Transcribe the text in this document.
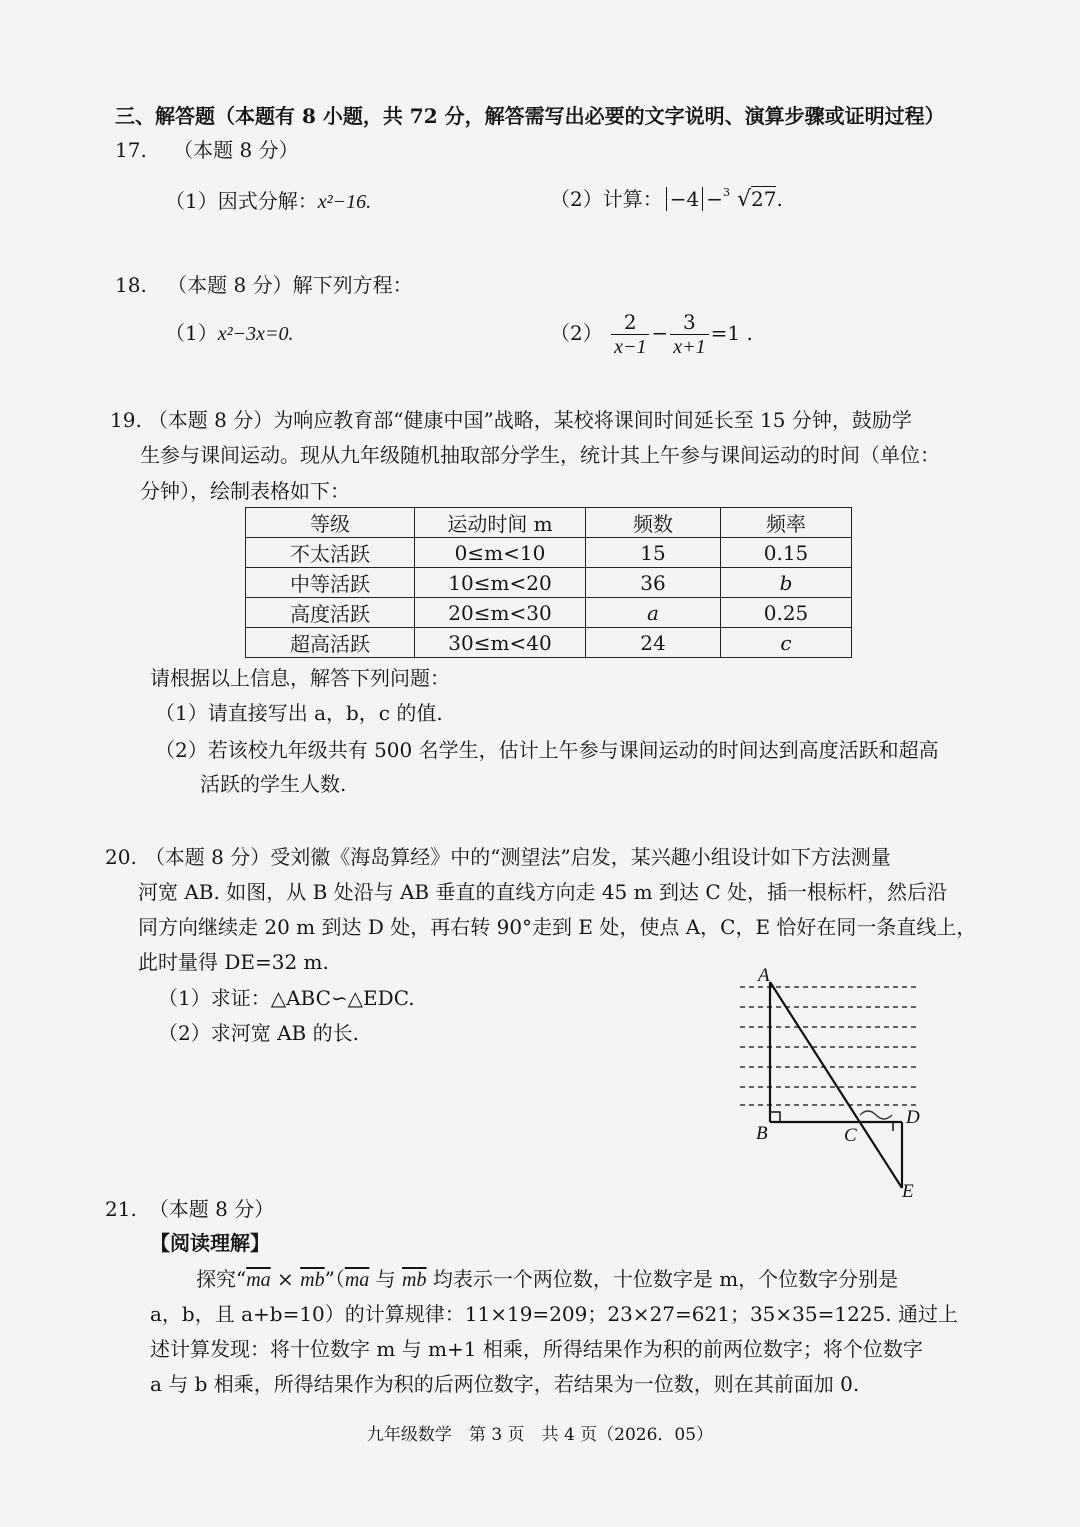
三、解答题（本题有 8 小题，共 72 分，解答需写出必要的文字说明、演算步骤或证明过程）
17. （本题 8 分）
（1）因式分解：x²−16.	（2）计算： −4 − 3 √27.
18. （本题 8 分）解下列方程：
（1）x²−3x=0.	$(2) \frac{2}{x-1} - \frac{3}{x+1} =1$ .
19. （本题 8 分）为响应教育部“健康中国”战略，某校将课间时间延长至 15 分钟，鼓励学
生参与课间运动。现从九年级随机抽取部分学生，统计其上午参与课间运动的时间（单位：
分钟），绘制表格如下：
等级	运动时间 m	频数	频率
不太活跃	0≤m<10	15	0.15
中等活跃	10≤m<20	36	b
高度活跃	20≤m<30	a	0.25
超高活跃	30≤m<40	24	c
请根据以上信息，解答下列问题：
（1）请直接写出 a，b，c 的值.
（2）若该校九年级共有 500 名学生，估计上午参与课间运动的时间达到高度活跃和超高
活跃的学生人数.
20. （本题 8 分）受刘徽《海岛算经》中的“测望法”启发，某兴趣小组设计如下方法测量
河宽 AB. 如图，从 B 处沿与 AB 垂直的直线方向走 45 m 到达 C 处，插一根标杆，然后沿
同方向继续走 20 m 到达 D 处，再右转 90°走到 E 处，使点 A，C，E 恰好在同一条直线上，
此时量得 DE=32 m.
（1）求证：△ABC∽△EDC.
（2）求河宽 AB 的长.
A
B	C
D
E
21. （本题 8 分）
【阅读理解】
探究“$\overline{ma}$ × $\overline{mb}”(\overline{ma}$ 与 $\overline{mb}$ 均表示一个两位数，十位数字是 m，个位数字分别是
a，b，且 a+b=10）的计算规律：11×19=209；23×27=621；35×35=1225. 通过上
述计算发现：将十位数字 m 与 m+1 相乘，所得结果作为积的前两位数字；将个位数字
a 与 b 相乘，所得结果作为积的后两位数字，若结果为一位数，则在其前面加 0.
九年级数学　第 3 页　共 4 页（2026．05）
